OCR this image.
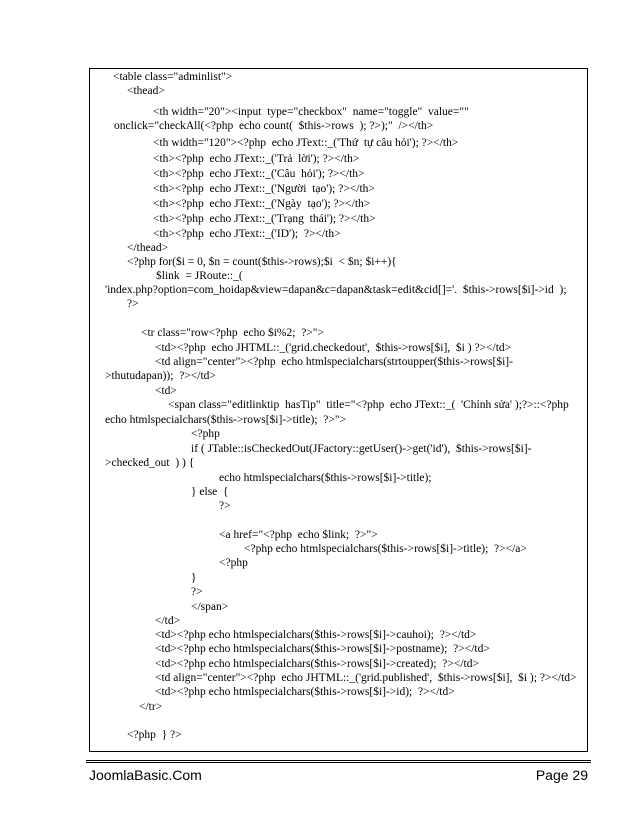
<table class="adminlist">
<thead>
<th width="20"><input  type="checkbox"  name="toggle"  value=""
onclick="checkAll(<?php  echo count(  $this->rows  ); ?>);"  /></th>
<th width="120"><?php  echo JText::_('Thứ  tự câu hỏi'); ?></th>
<th><?php  echo JText::_('Trả  lời'); ?></th>
<th><?php  echo JText::_('Câu  hỏi'); ?></th>
<th><?php  echo JText::_('Người  tạo'); ?></th>
<th><?php  echo JText::_('Ngày  tạo'); ?></th>
<th><?php  echo JText::_('Trạng  thái'); ?></th>
<th><?php  echo JText::_('ID');  ?></th>
</thead>
<?php for($i = 0, $n = count($this->rows);$i  < $n; $i++){
$link  = JRoute::_(
'index.php?option=com_hoidap&view=dapan&c=dapan&task=edit&cid[]='.  $this->rows[$i]->id  );
?>
<tr class="row<?php  echo $i%2;  ?>">
<td><?php  echo JHTML::_('grid.checkedout',  $this->rows[$i],  $i ) ?></td>
<td align="center"><?php  echo htmlspecialchars(strtoupper($this->rows[$i]-
>thutudapan));  ?></td>
<td>
<span class="editlinktip  hasTip"  title="<?php  echo JText::_(  'Chỉnh sửa' );?>::<?php
echo htmlspecialchars($this->rows[$i]->title);  ?>">
<?php
if ( JTable::isCheckedOut(JFactory::getUser()->get('id'),  $this->rows[$i]-
>checked_out  ) ) {
echo htmlspecialchars($this->rows[$i]->title);
} else  {
?>
<a href="<?php  echo $link;  ?>">
<?php echo htmlspecialchars($this->rows[$i]->title);  ?></a>
<?php
}
?>
</span>
</td>
<td><?php echo htmlspecialchars($this->rows[$i]->cauhoi);  ?></td>
<td><?php echo htmlspecialchars($this->rows[$i]->postname);  ?></td>
<td><?php echo htmlspecialchars($this->rows[$i]->created);  ?></td>
<td align="center"><?php  echo JHTML::_('grid.published',  $this->rows[$i],  $i ); ?></td>
<td><?php echo htmlspecialchars($this->rows[$i]->id);  ?></td>
</tr>
<?php  } ?>
JoomlaBasic.Com	Page 29
